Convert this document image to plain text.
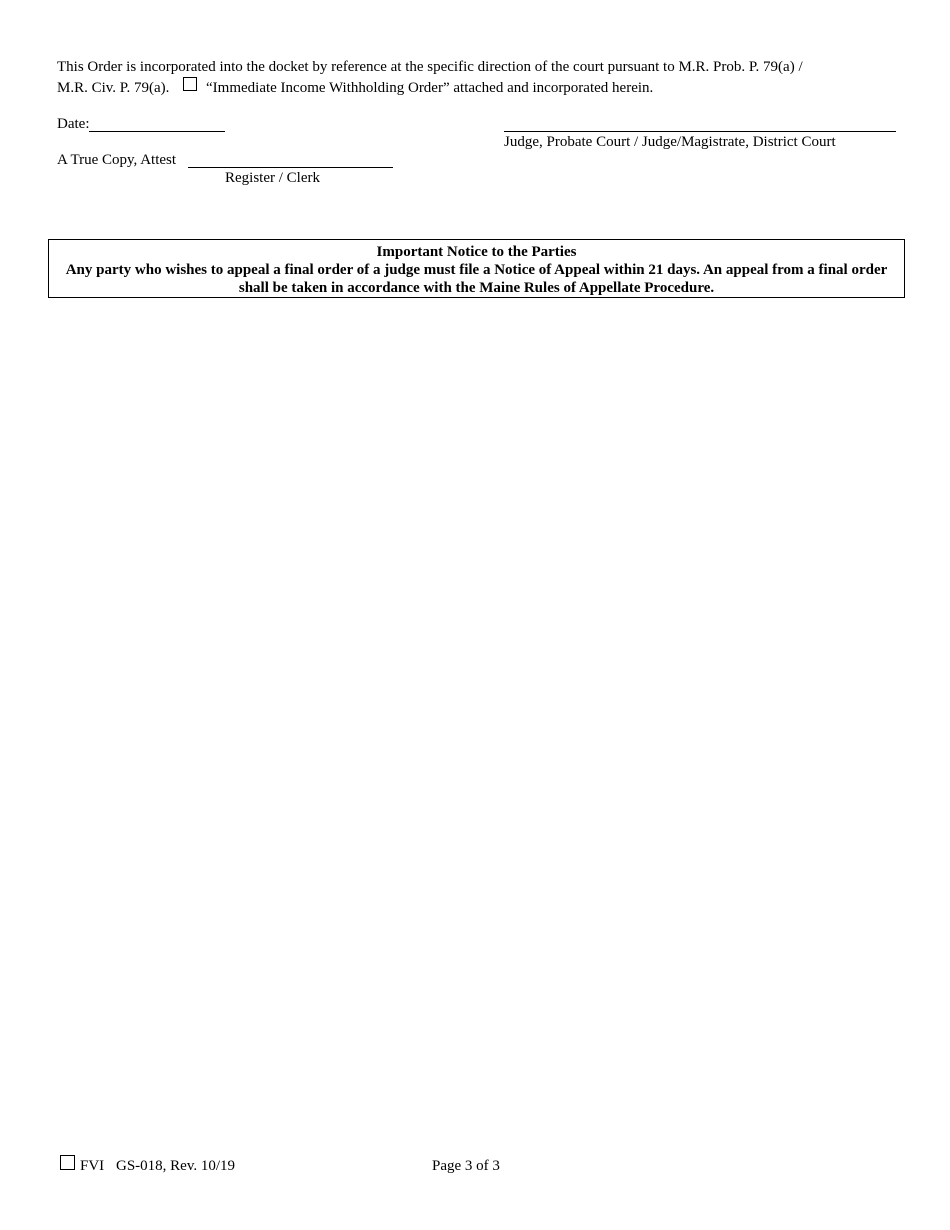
This Order is incorporated into the docket by reference at the specific direction of the court pursuant to M.R. Prob. P. 79(a) /
M.R. Civ. P. 79(a). “Immediate Income Withholding Order” attached and incorporated herein.
Date:
Judge, Probate Court / Judge/Magistrate, District Court
A True Copy, Attest
Register / Clerk
Important Notice to the Parties
Any party who wishes to appeal a final order of a judge must file a Notice of Appeal within 21 days. An appeal from a final order shall be taken in accordance with the Maine Rules of Appellate Procedure.
FVI GS-018, Rev. 10/19	Page 3 of 3
